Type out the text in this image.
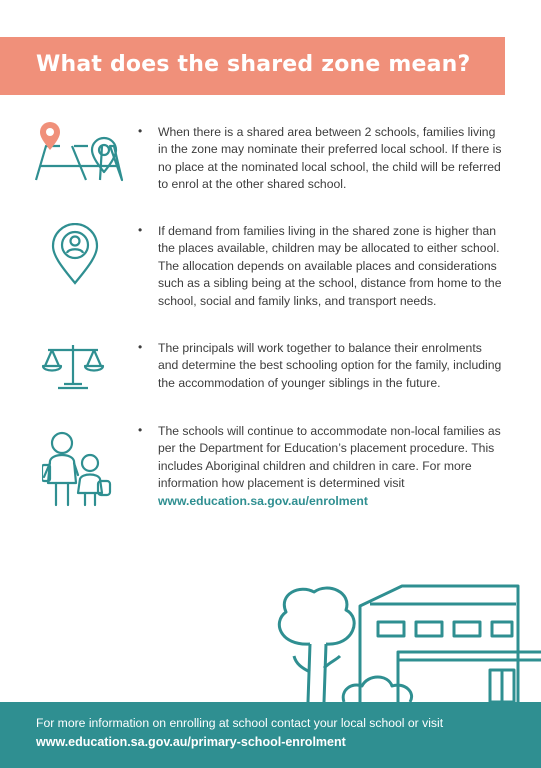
What does the shared zone mean?
• When there is a shared area between 2 schools, families living in the zone may nominate their preferred local school. If there is no place at the nominated local school, the child will be referred to enrol at the other shared school.
• If demand from families living in the shared zone is higher than the places available, children may be allocated to either school. The allocation depends on available places and considerations such as a sibling being at the school, distance from home to the school, social and family links, and transport needs.
• The principals will work together to balance their enrolments and determine the best schooling option for the family, including the accommodation of younger siblings in the future.
• The schools will continue to accommodate non-local families as per the Department for Education’s placement procedure. This includes Aboriginal children and children in care. For more information how placement is determined visit www.education.sa.gov.au/enrolment
For more information on enrolling at school contact your local school or visit
www.education.sa.gov.au/primary-school-enrolment
